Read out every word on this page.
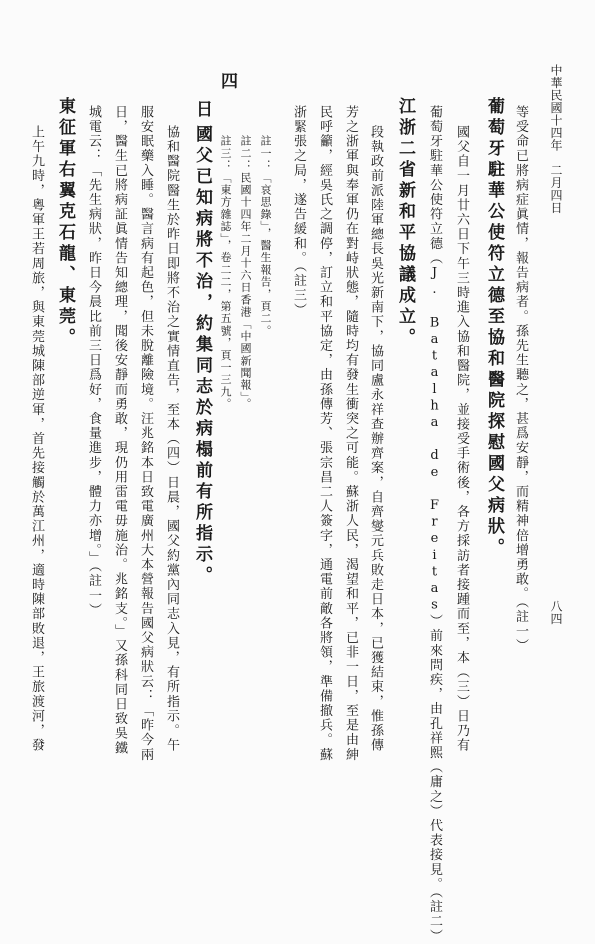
中華民國十四年　二月四日
八四
等受命已將病症眞情，報告病者。孫先生聽之，甚爲安靜，而精神倍增勇敢。（註一）
葡萄牙駐華公使符立德至協和醫院探慰國父病狀。
國父自一月廿六日下午三時進入協和醫院，並接受手術後，各方採訪者接踵而至，本（三）日乃有
葡萄牙駐華公使符立德（J. Batalha de Freitas）前來問疾，由孔祥熙（庸之）代表接見。（註二）
江浙二省新和平協議成立。
段執政前派陸軍總長吳光新南下，協同盧永祥查辦齊案，自齊燮元兵敗走日本，已獲結束，惟孫傳
芳之浙軍與奉軍仍在對峙狀態，隨時均有發生衝突之可能。蘇浙人民，渴望和平，已非一日，至是由紳
民呼籲，經吳氏之調停，訂立和平協定，由孫傳芳、張宗昌二人簽字，通電前敵各將領，準備撤兵。蘇
浙緊張之局，遂告緩和。（註三）
註一：「哀思錄」，醫生報告，頁二。
註二：民國十四年二月十六日香港「中國新聞報」。
註三：「東方雜誌」，卷二二，第五號，頁一三九。
四
日
國父已知病將不治，約集同志於病榻前有所指示。
協和醫院醫生於昨日即將不治之實情直告，至本（四）日晨，國父約黨內同志入見，有所指示。午
服安眠藥入睡。醫言病有起色，但未脫離險境。汪兆銘本日致電廣州大本營報告國父病狀云：「昨今兩
日，醫生已將病証眞情告知總理，聞後安靜而勇敢，現仍用雷電毋施治。兆銘支。」又孫科同日致吳鐵
城電云：「先生病狀，昨日今晨比前三日爲好，食量進步，體力亦增。」（註一）
東征軍右翼克石龍、東莞。
上午九時，粵軍王若周旅，與東莞城陳部逆軍，首先接觸於萬江州，適時陳部敗退，王旅渡河，發
